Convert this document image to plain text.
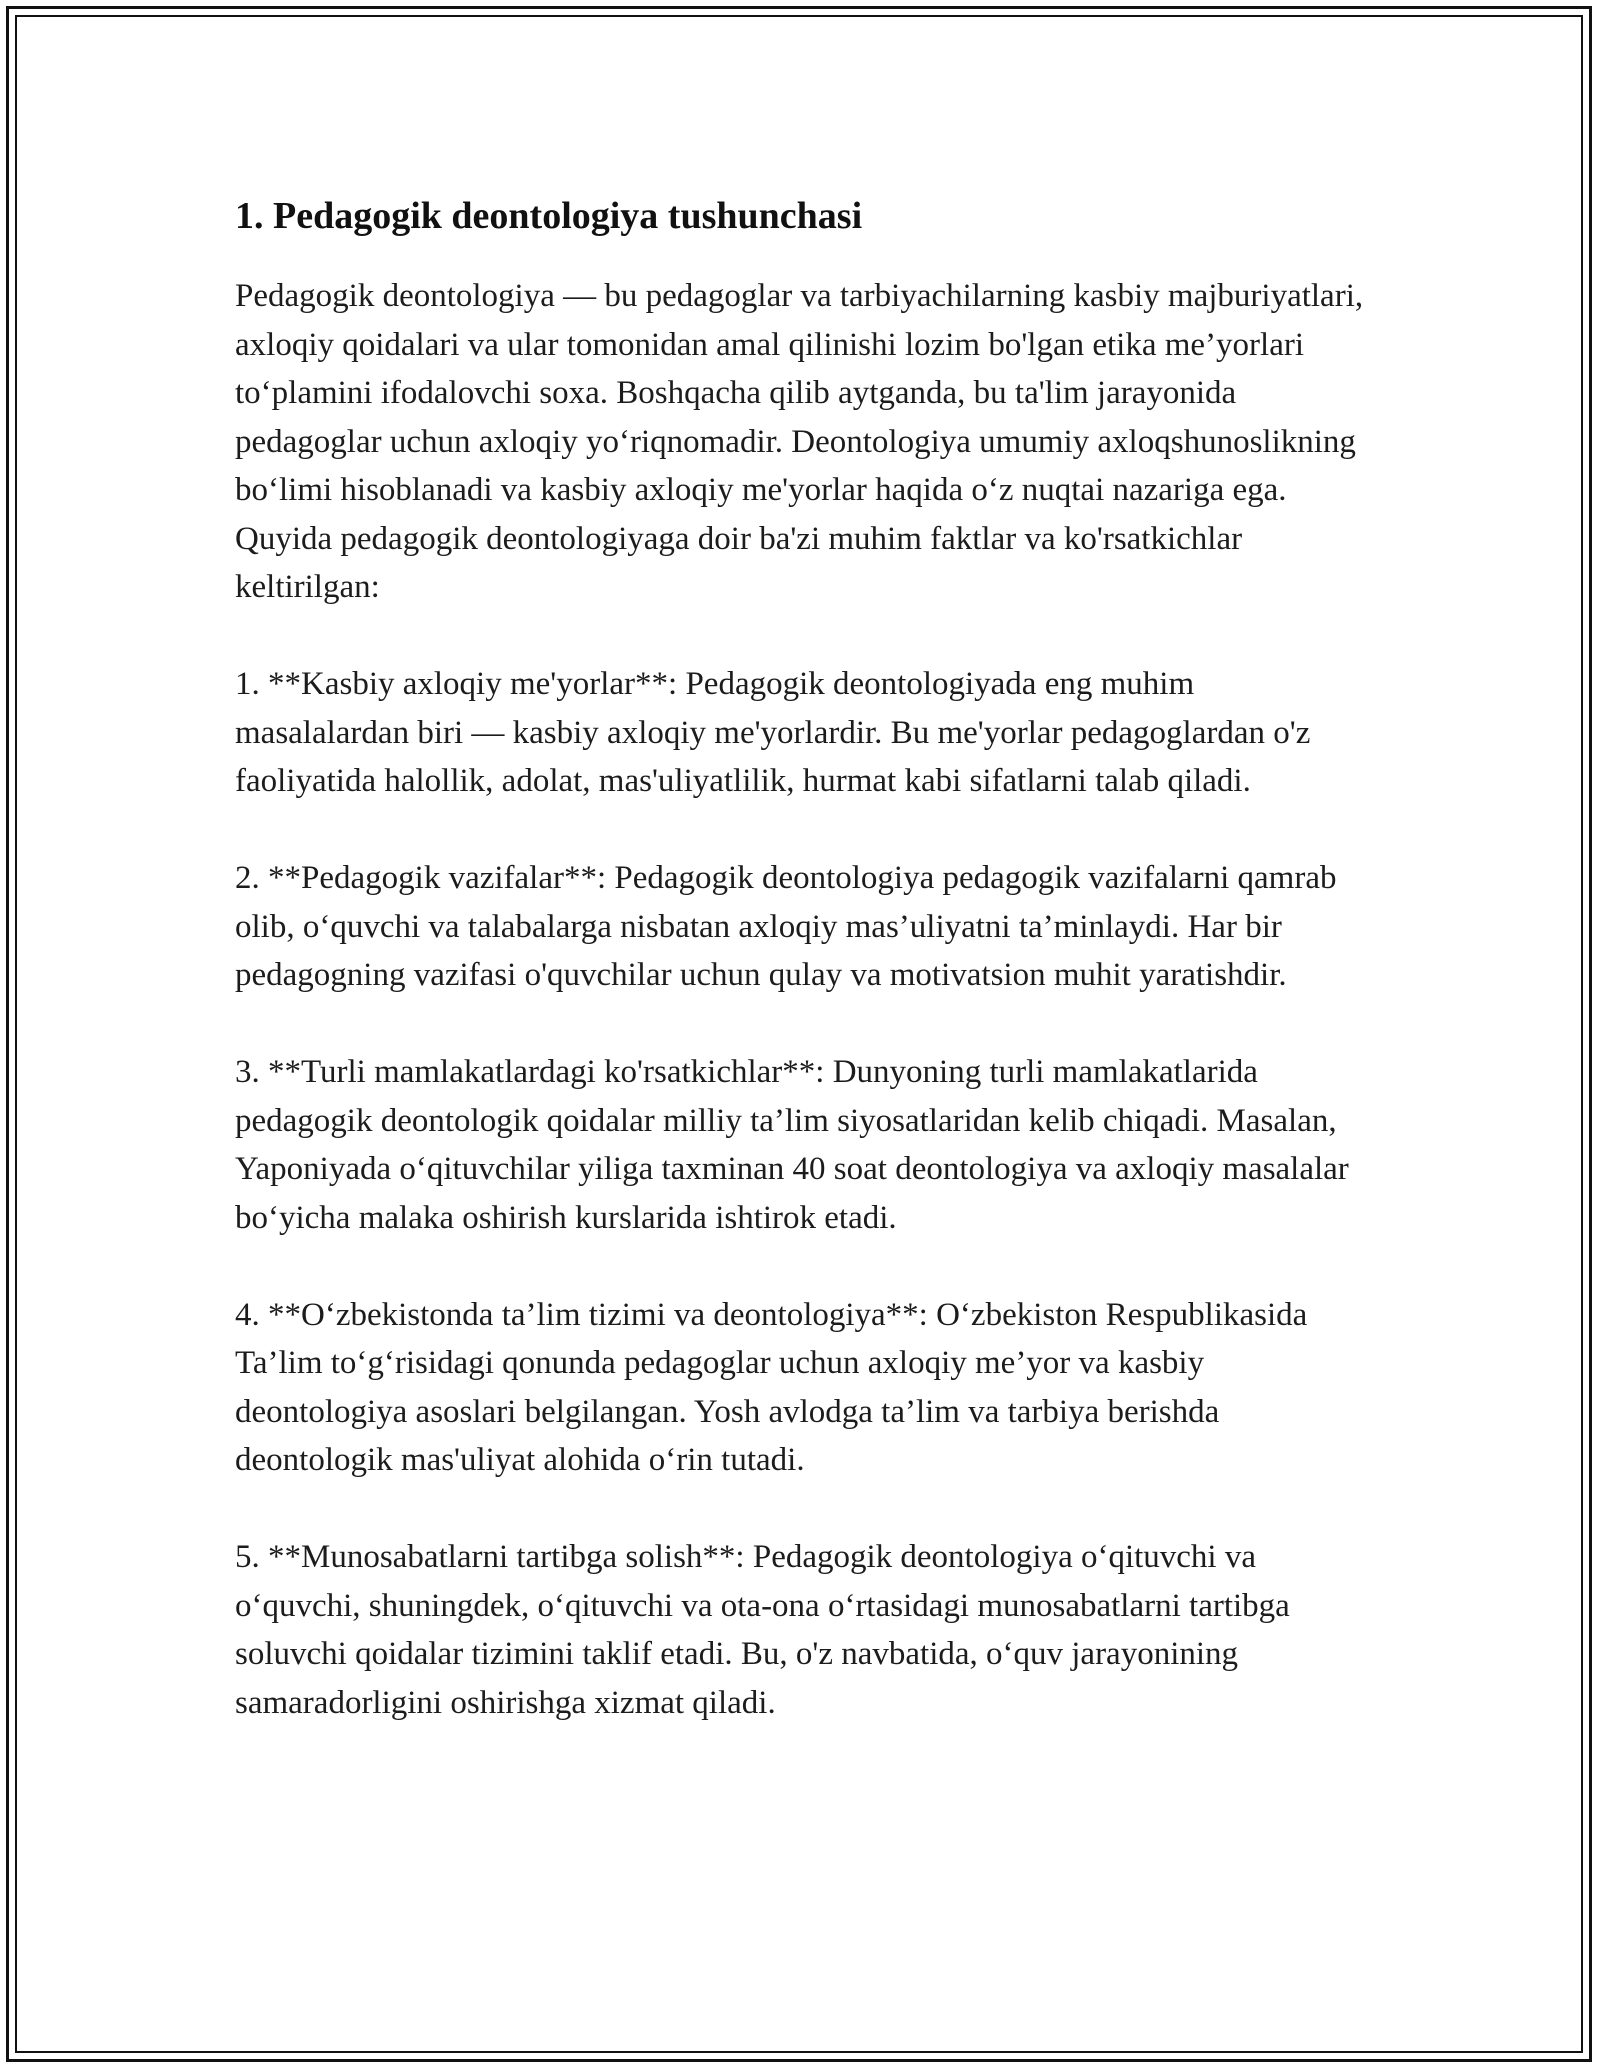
1. Pedagogik deontologiya tushunchasi

Pedagogik deontologiya — bu pedagoglar va tarbiyachilarning kasbiy majburiyatlari, axloqiy qoidalari va ular tomonidan amal qilinishi lozim bo'lgan etika me’yorlari to‘plamini ifodalovchi soxa. Boshqacha qilib aytganda, bu ta'lim jarayonida pedagoglar uchun axloqiy yo‘riqnomadir. Deontologiya umumiy axloqshunoslikning bo‘limi hisoblanadi va kasbiy axloqiy me'yorlar haqida o‘z nuqtai nazariga ega. Quyida pedagogik deontologiyaga doir ba'zi muhim faktlar va ko'rsatkichlar keltirilgan:

1. **Kasbiy axloqiy me'yorlar**: Pedagogik deontologiyada eng muhim masalalardan biri — kasbiy axloqiy me'yorlardir. Bu me'yorlar pedagoglardan o'z faoliyatida halollik, adolat, mas'uliyatlilik, hurmat kabi sifatlarni talab qiladi.

2. **Pedagogik vazifalar**: Pedagogik deontologiya pedagogik vazifalarni qamrab olib, o‘quvchi va talabalarga nisbatan axloqiy mas’uliyatni ta’minlaydi. Har bir pedagogning vazifasi o'quvchilar uchun qulay va motivatsion muhit yaratishdir.

3. **Turli mamlakatlardagi ko'rsatkichlar**: Dunyoning turli mamlakatlarida pedagogik deontologik qoidalar milliy ta’lim siyosatlaridan kelib chiqadi. Masalan, Yaponiyada o‘qituvchilar yiliga taxminan 40 soat deontologiya va axloqiy masalalar bo‘yicha malaka oshirish kurslarida ishtirok etadi.

4. **O‘zbekistonda ta’lim tizimi va deontologiya**: O‘zbekiston Respublikasida Ta’lim to‘g‘risidagi qonunda pedagoglar uchun axloqiy me’yor va kasbiy deontologiya asoslari belgilangan. Yosh avlodga ta’lim va tarbiya berishda deontologik mas'uliyat alohida o‘rin tutadi.

5. **Munosabatlarni tartibga solish**: Pedagogik deontologiya o‘qituvchi va o‘quvchi, shuningdek, o‘qituvchi va ota-ona o‘rtasidagi munosabatlarni tartibga soluvchi qoidalar tizimini taklif etadi. Bu, o'z navbatida, o‘quv jarayonining samaradorligini oshirishga xizmat qiladi.
